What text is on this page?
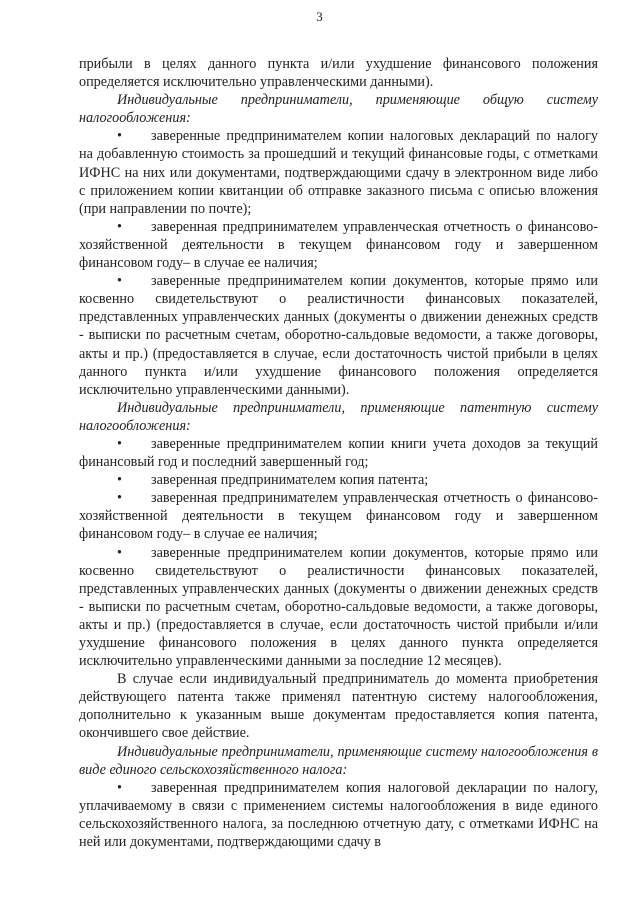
3

прибыли в целях данного пункта и/или ухудшение финансового положения определяется исключительно управленческими данными).

Индивидуальные предприниматели, применяющие общую систему налогообложения:

• заверенные предпринимателем копии налоговых деклараций по налогу на добавленную стоимость за прошедший и текущий финансовые годы, с отметками ИФНС на них или документами, подтверждающими сдачу в электронном виде либо с приложением копии квитанции об отправке заказного письма с описью вложения (при направлении по почте);

• заверенная предпринимателем управленческая отчетность о финансово-хозяйственной деятельности в текущем финансовом году и завершенном финансовом году– в случае ее наличия;

• заверенные предпринимателем копии документов, которые прямо или косвенно свидетельствуют о реалистичности финансовых показателей, представленных управленческих данных (документы о движении денежных средств - выписки по расчетным счетам, оборотно-сальдовые ведомости, а также договоры, акты и пр.) (предоставляется в случае, если достаточность чистой прибыли в целях данного пункта и/или ухудшение финансового положения определяется исключительно управленческими данными).

Индивидуальные предприниматели, применяющие патентную систему налогообложения:

• заверенные предпринимателем копии книги учета доходов за текущий финансовый год и последний завершенный год;

• заверенная предпринимателем копия патента;

• заверенная предпринимателем управленческая отчетность о финансово-хозяйственной деятельности в текущем финансовом году и завершенном финансовом году– в случае ее наличия;

• заверенные предпринимателем копии документов, которые прямо или косвенно свидетельствуют о реалистичности финансовых показателей, представленных управленческих данных (документы о движении денежных средств - выписки по расчетным счетам, оборотно-сальдовые ведомости, а также договоры, акты и пр.) (предоставляется в случае, если достаточность чистой прибыли и/или ухудшение финансового положения в целях данного пункта определяется исключительно управленческими данными за последние 12 месяцев).

В случае если индивидуальный предприниматель до момента приобретения действующего патента также применял патентную систему налогообложения, дополнительно к указанным выше документам предоставляется копия патента, окончившего свое действие.

Индивидуальные предприниматели, применяющие систему налогообложения в виде единого сельскохозяйственного налога:

• заверенная предпринимателем копия налоговой декларации по налогу, уплачиваемому в связи с применением системы налогообложения в виде единого сельскохозяйственного налога, за последнюю отчетную дату, с отметками ИФНС на ней или документами, подтверждающими сдачу в
